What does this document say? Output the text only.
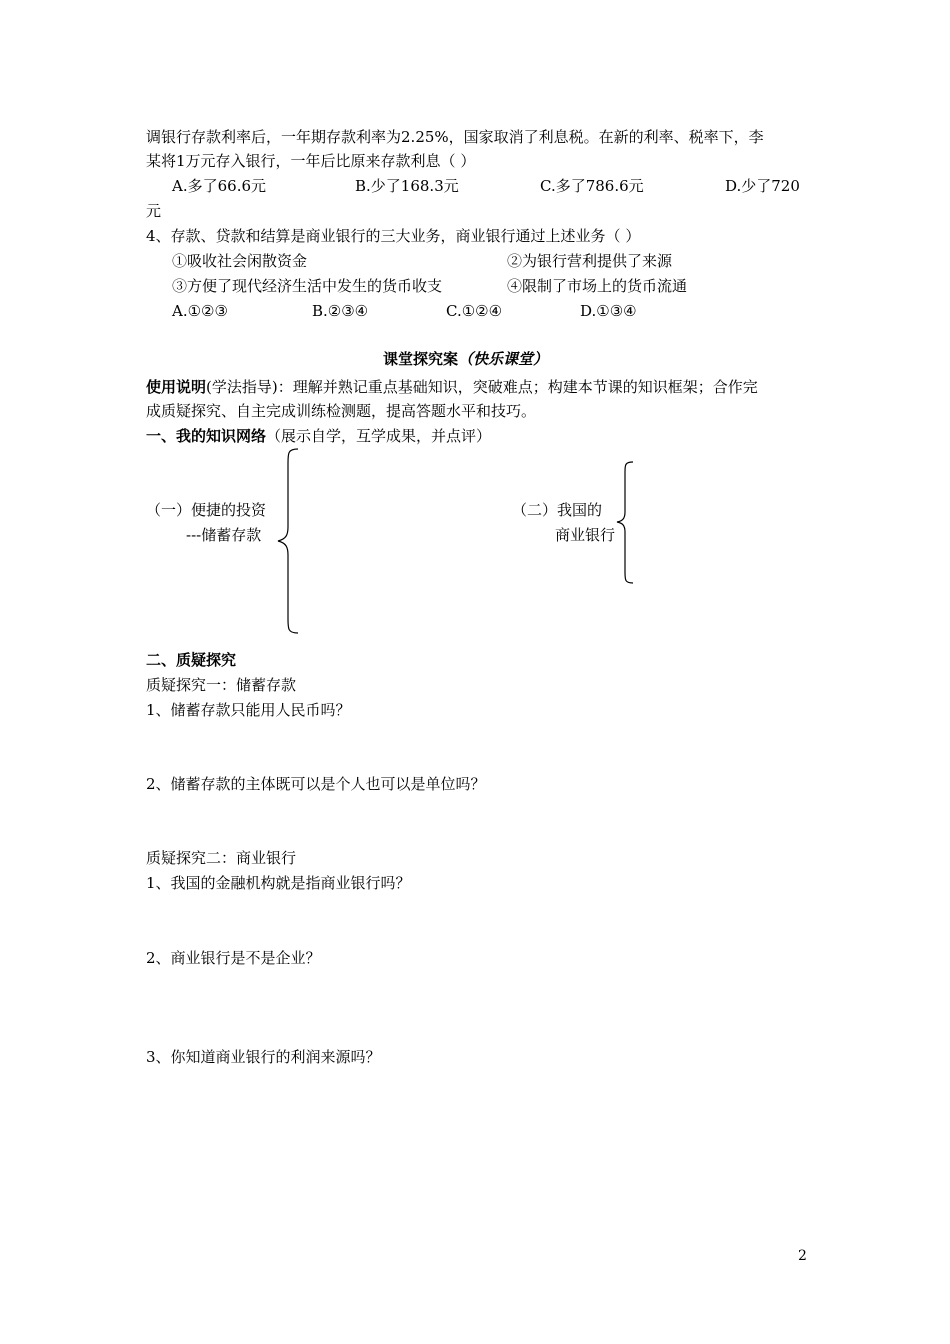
调银行存款利率后，一年期存款利率为2.25%，国家取消了利息税。在新的利率、税率下，李
某将1万元存入银行，一年后比原来存款利息（ ）
A.多了66.6元	B.少了168.3元	C.多了786.6元	D.少了720
元
4、存款、贷款和结算是商业银行的三大业务，商业银行通过上述业务（ ）
①吸收社会闲散资金	②为银行营利提供了来源
③方便了现代经济生活中发生的货币收支	④限制了市场上的货币流通
A.①②③	B.②③④	C.①②④	D.①③④
课堂探究案（快乐课堂）
使用说明(学法指导)：理解并熟记重点基础知识，突破难点；构建本节课的知识框架；合作完
成质疑探究、自主完成训练检测题，提高答题水平和技巧。
一、我的知识网络（展示自学，互学成果，并点评）
（一）便捷的投资
---储蓄存款
（二）我国的
商业银行
二、质疑探究
质疑探究一：储蓄存款
1、储蓄存款只能用人民币吗？
2、储蓄存款的主体既可以是个人也可以是单位吗？
质疑探究二：商业银行
1、我国的金融机构就是指商业银行吗？
2、商业银行是不是企业？
3、你知道商业银行的利润来源吗？
2
